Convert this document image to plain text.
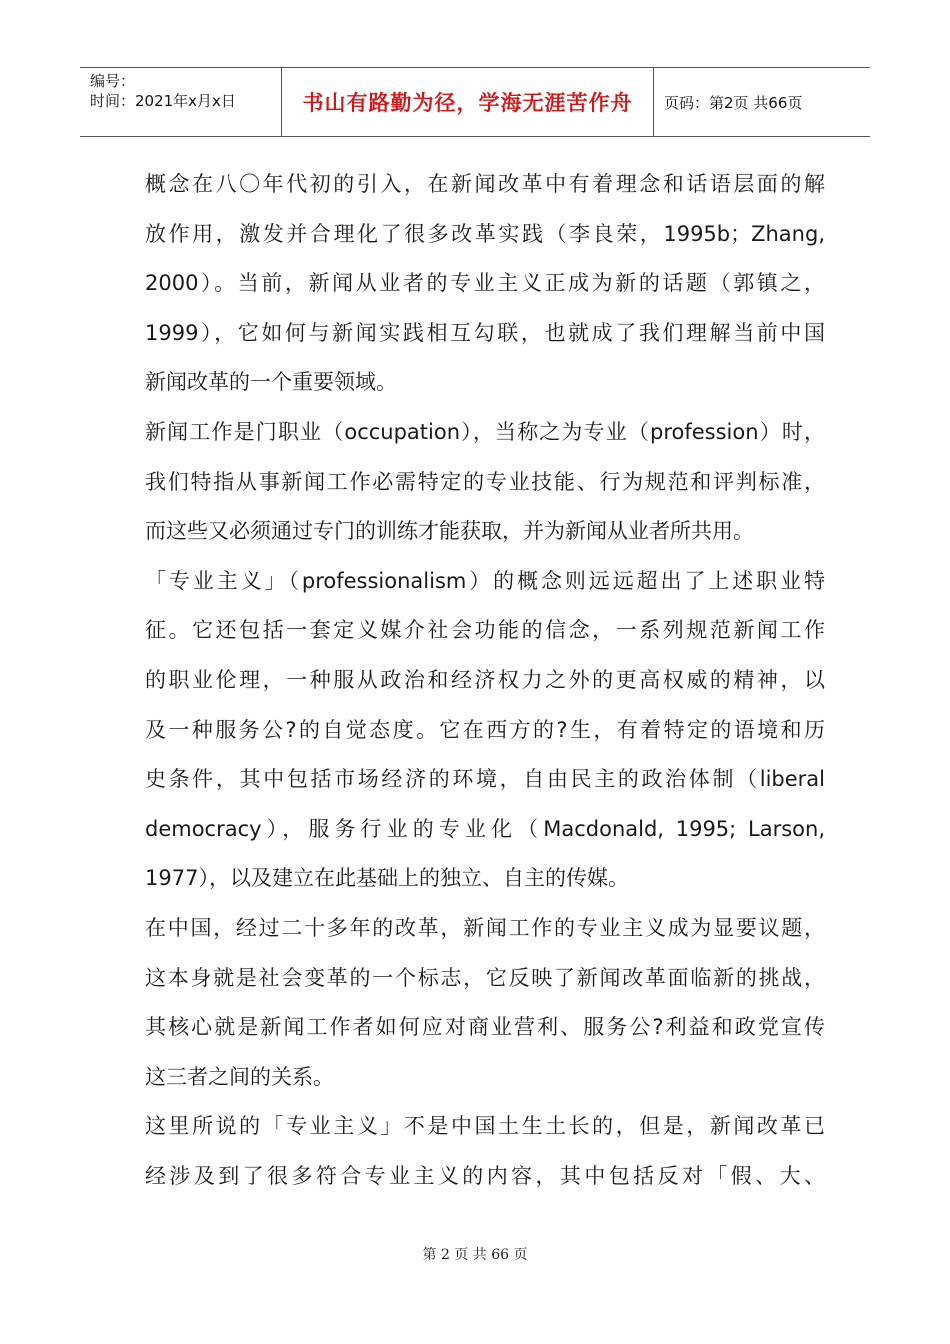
编号：
时间：2021年x月x日	书山有路勤为径，学海无涯苦作舟 页码：第2页 共66页
概念在八〇年代初的引入，在新闻改革中有着理念和话语层面的解
放作用，激发并合理化了很多改革实践（李良荣，1995b；Zhang,
2000）。当前，新闻从业者的专业主义正成为新的话题（郭镇之，
1999），它如何与新闻实践相互勾联，也就成了我们理解当前中国
新闻改革的一个重要领域。
新闻工作是门职业（occupation），当称之为专业（profession）时，
我们特指从事新闻工作必需特定的专业技能、行为规范和评判标准，
而这些又必须通过专门的训练才能获取，并为新闻从业者所共用。
「专业主义」（professionalism）的概念则远远超出了上述职业特
征。它还包括一套定义媒介社会功能的信念，一系列规范新闻工作
的职业伦理，一种服从政治和经济权力之外的更高权威的精神，以
及一种服务公?的自觉态度。它在西方的?生，有着特定的语境和历
史条件，其中包括市场经济的环境，自由民主的政治体制（liberal
democracy），服务行业的专业化（Macdonald, 1995; Larson,
1977），以及建立在此基础上的独立、自主的传媒。
在中国，经过二十多年的改革，新闻工作的专业主义成为显要议题，
这本身就是社会变革的一个标志，它反映了新闻改革面临新的挑战，
其核心就是新闻工作者如何应对商业营利、服务公?利益和政党宣传
这三者之间的关系。
这里所说的「专业主义」不是中国土生土长的，但是，新闻改革已
经涉及到了很多符合专业主义的内容，其中包括反对「假、大、
第 2 页 共 66 页
